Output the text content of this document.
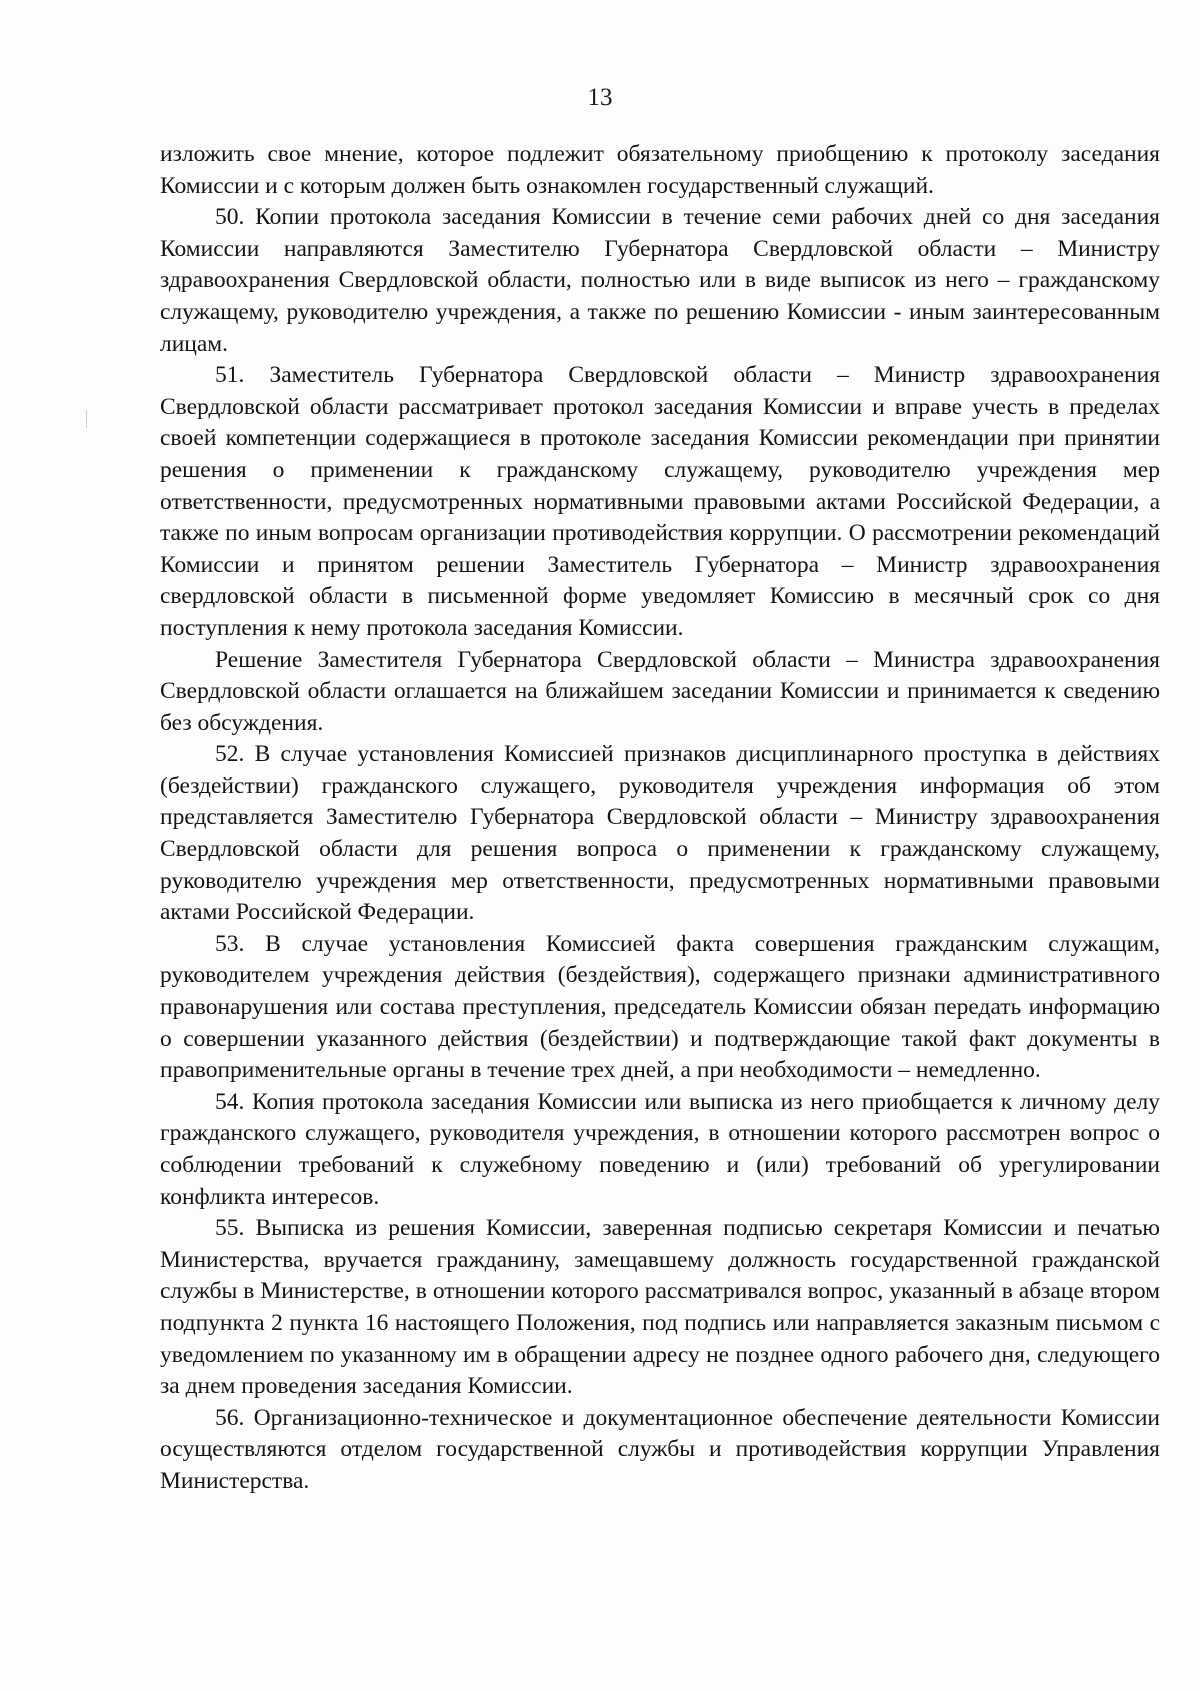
13

изложить свое мнение, которое подлежит обязательному приобщению к протоколу заседания Комиссии и с которым должен быть ознакомлен государственный служащий.

50. Копии протокола заседания Комиссии в течение семи рабочих дней со дня заседания Комиссии направляются Заместителю Губернатора Свердловской области – Министру здравоохранения Свердловской области, полностью или в виде выписок из него – гражданскому служащему, руководителю учреждения, а также по решению Комиссии - иным заинтересованным лицам.

51. Заместитель Губернатора Свердловской области – Министр здравоохранения Свердловской области рассматривает протокол заседания Комиссии и вправе учесть в пределах своей компетенции содержащиеся в протоколе заседания Комиссии рекомендации при принятии решения о применении к гражданскому служащему, руководителю учреждения мер ответственности, предусмотренных нормативными правовыми актами Российской Федерации, а также по иным вопросам организации противодействия коррупции. О рассмотрении рекомендаций Комиссии и принятом решении Заместитель Губернатора – Министр здравоохранения свердловской области в письменной форме уведомляет Комиссию в месячный срок со дня поступления к нему протокола заседания Комиссии.

Решение Заместителя Губернатора Свердловской области – Министра здравоохранения Свердловской области оглашается на ближайшем заседании Комиссии и принимается к сведению без обсуждения.

52. В случае установления Комиссией признаков дисциплинарного проступка в действиях (бездействии) гражданского служащего, руководителя учреждения информация об этом представляется Заместителю Губернатора Свердловской области – Министру здравоохранения Свердловской области для решения вопроса о применении к гражданскому служащему, руководителю учреждения мер ответственности, предусмотренных нормативными правовыми актами Российской Федерации.

53. В случае установления Комиссией факта совершения гражданским служащим, руководителем учреждения действия (бездействия), содержащего признаки административного правонарушения или состава преступления, председатель Комиссии обязан передать информацию о совершении указанного действия (бездействии) и подтверждающие такой факт документы в правоприменительные органы в течение трех дней, а при необходимости – немедленно.

54. Копия протокола заседания Комиссии или выписка из него приобщается к личному делу гражданского служащего, руководителя учреждения, в отношении которого рассмотрен вопрос о соблюдении требований к служебному поведению и (или) требований об урегулировании конфликта интересов.

55. Выписка из решения Комиссии, заверенная подписью секретаря Комиссии и печатью Министерства, вручается гражданину, замещавшему должность государственной гражданской службы в Министерстве, в отношении которого рассматривался вопрос, указанный в абзаце втором подпункта 2 пункта 16 настоящего Положения, под подпись или направляется заказным письмом с уведомлением по указанному им в обращении адресу не позднее одного рабочего дня, следующего за днем проведения заседания Комиссии.

56. Организационно-техническое и документационное обеспечение деятельности Комиссии осуществляются отделом государственной службы и противодействия коррупции Управления Министерства.
